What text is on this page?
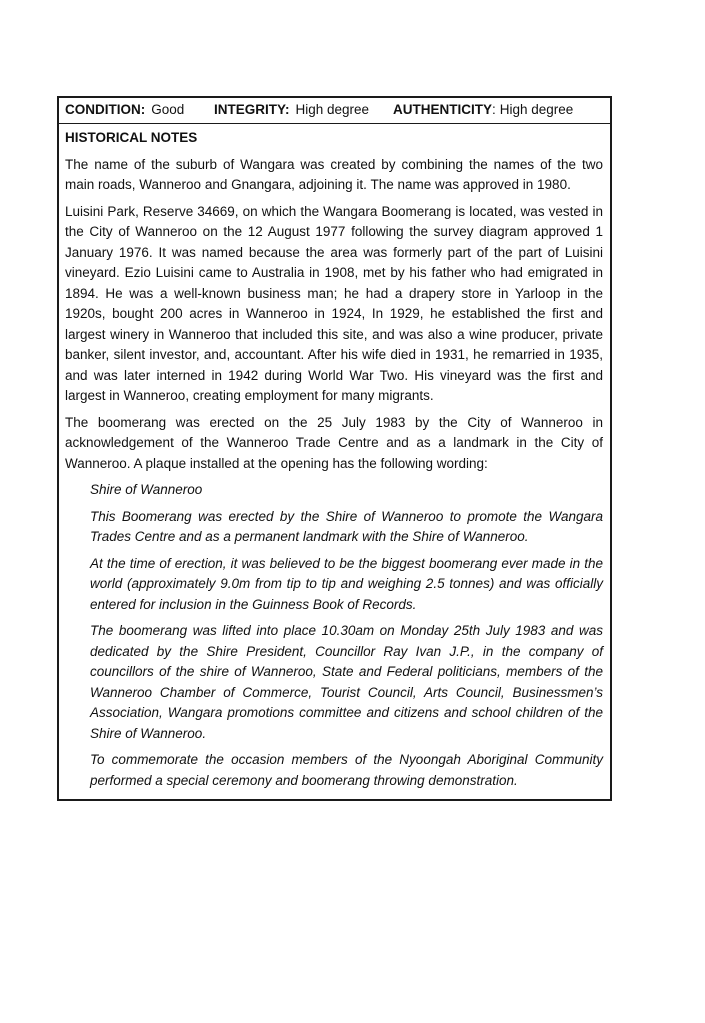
CONDITION: Good	INTEGRITY: High degree	AUTHENTICITY: High degree
HISTORICAL NOTES

The name of the suburb of Wangara was created by combining the names of the two main roads, Wanneroo and Gnangara, adjoining it. The name was approved in 1980.

Luisini Park, Reserve 34669, on which the Wangara Boomerang is located, was vested in the City of Wanneroo on the 12 August 1977 following the survey diagram approved 1 January 1976. It was named because the area was formerly part of the part of Luisini vineyard. Ezio Luisini came to Australia in 1908, met by his father who had emigrated in 1894. He was a well-known business man; he had a drapery store in Yarloop in the 1920s, bought 200 acres in Wanneroo in 1924, In 1929, he established the first and largest winery in Wanneroo that included this site, and was also a wine producer, private banker, silent investor, and, accountant. After his wife died in 1931, he remarried in 1935, and was later interned in 1942 during World War Two. His vineyard was the first and largest in Wanneroo, creating employment for many migrants.

The boomerang was erected on the 25 July 1983 by the City of Wanneroo in acknowledgement of the Wanneroo Trade Centre and as a landmark in the City of Wanneroo. A plaque installed at the opening has the following wording:

Shire of Wanneroo

This Boomerang was erected by the Shire of Wanneroo to promote the Wangara Trades Centre and as a permanent landmark with the Shire of Wanneroo.

At the time of erection, it was believed to be the biggest boomerang ever made in the world (approximately 9.0m from tip to tip and weighing 2.5 tonnes) and was officially entered for inclusion in the Guinness Book of Records.

The boomerang was lifted into place 10.30am on Monday 25th July 1983 and was dedicated by the Shire President, Councillor Ray Ivan J.P., in the company of councillors of the shire of Wanneroo, State and Federal politicians, members of the Wanneroo Chamber of Commerce, Tourist Council, Arts Council, Businessmen’s Association, Wangara promotions committee and citizens and school children of the Shire of Wanneroo.

To commemorate the occasion members of the Nyoongah Aboriginal Community performed a special ceremony and boomerang throwing demonstration.
